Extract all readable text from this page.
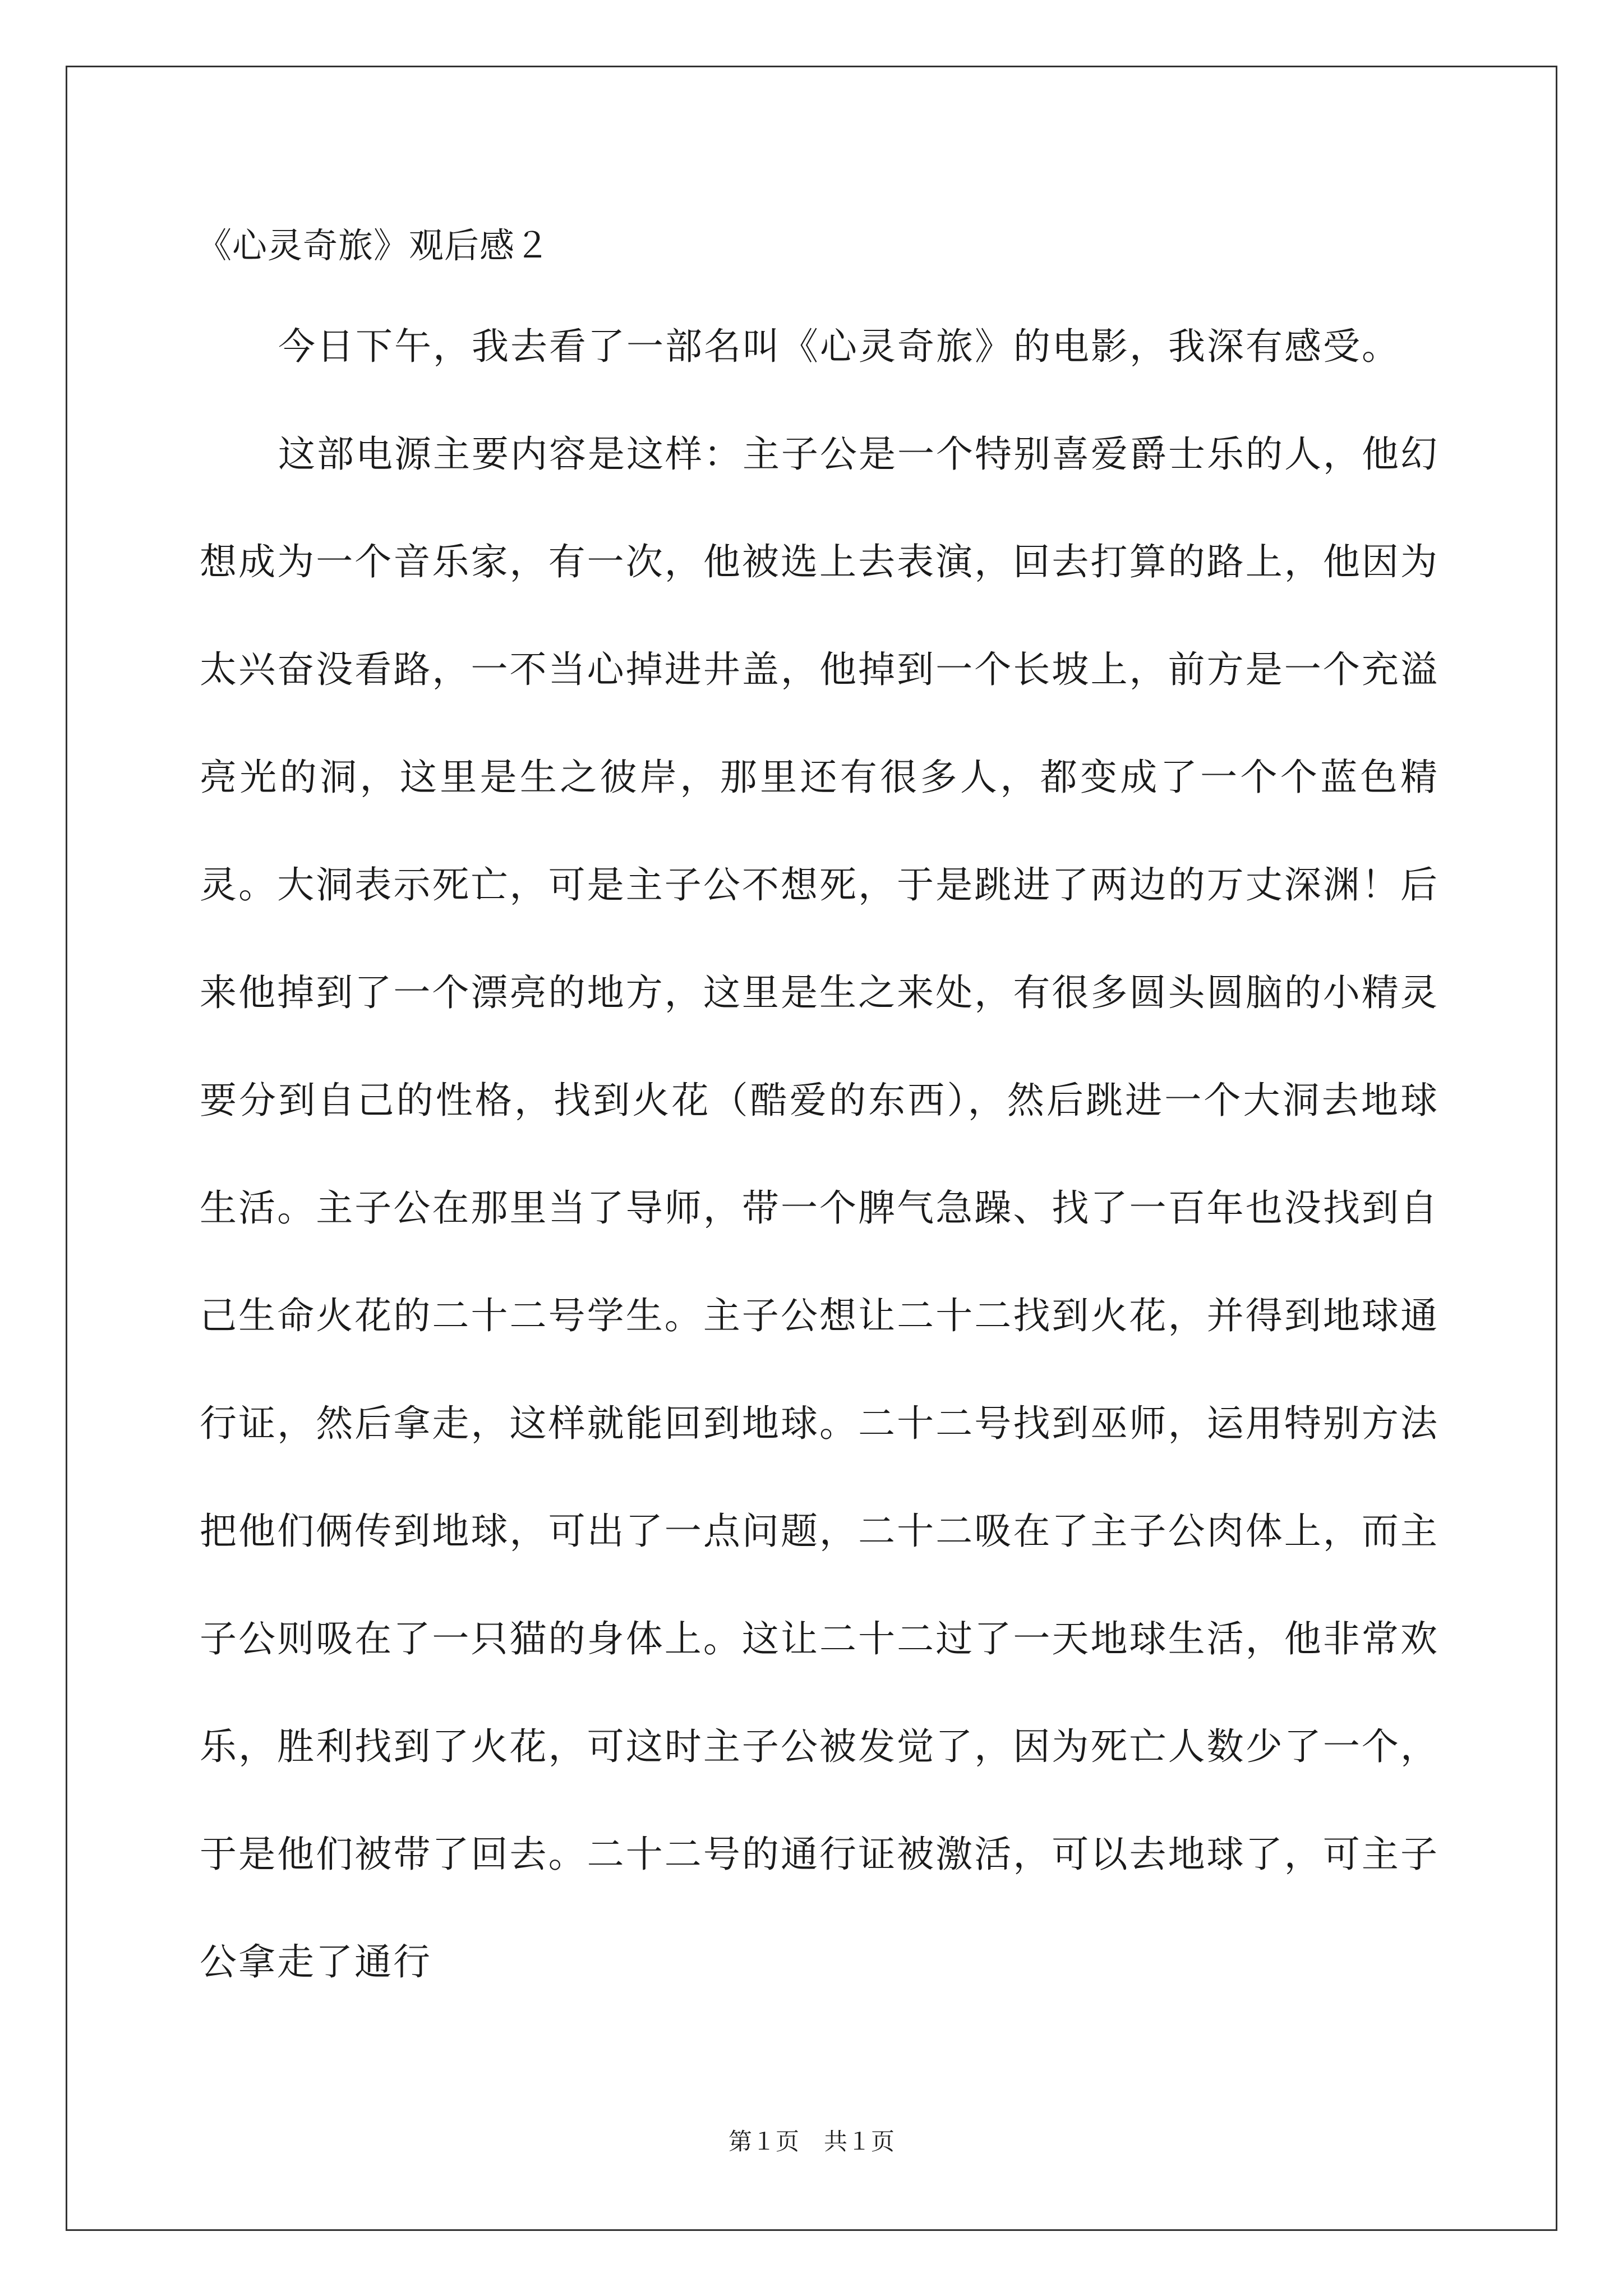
《心灵奇旅》观后感２

今日下午，我去看了一部名叫《心灵奇旅》的电影，我深有感受。

这部电源主要内容是这样：主子公是一个特别喜爱爵士乐的人，他幻想成为一个音乐家，有一次，他被选上去表演，回去打算的路上，他因为太兴奋没看路，一不当心掉进井盖，他掉到一个长坡上，前方是一个充溢亮光的洞，这里是生之彼岸，那里还有很多人，都变成了一个个蓝色精灵。大洞表示死亡，可是主子公不想死，于是跳进了两边的万丈深渊！后来他掉到了一个漂亮的地方，这里是生之来处，有很多圆头圆脑的小精灵要分到自己的性格，找到火花（酷爱的东西），然后跳进一个大洞去地球生活。主子公在那里当了导师，带一个脾气急躁、找了一百年也没找到自己生命火花的二十二号学生。主子公想让二十二找到火花，并得到地球通行证，然后拿走，这样就能回到地球。二十二号找到巫师，运用特别方法把他们俩传到地球，可出了一点问题，二十二吸在了主子公肉体上，而主子公则吸在了一只猫的身体上。这让二十二过了一天地球生活，他非常欢乐，胜利找到了火花，可这时主子公被发觉了，因为死亡人数少了一个，于是他们被带了回去。二十二号的通行证被激活，可以去地球了，可主子公拿走了通行

第１页 共１页
